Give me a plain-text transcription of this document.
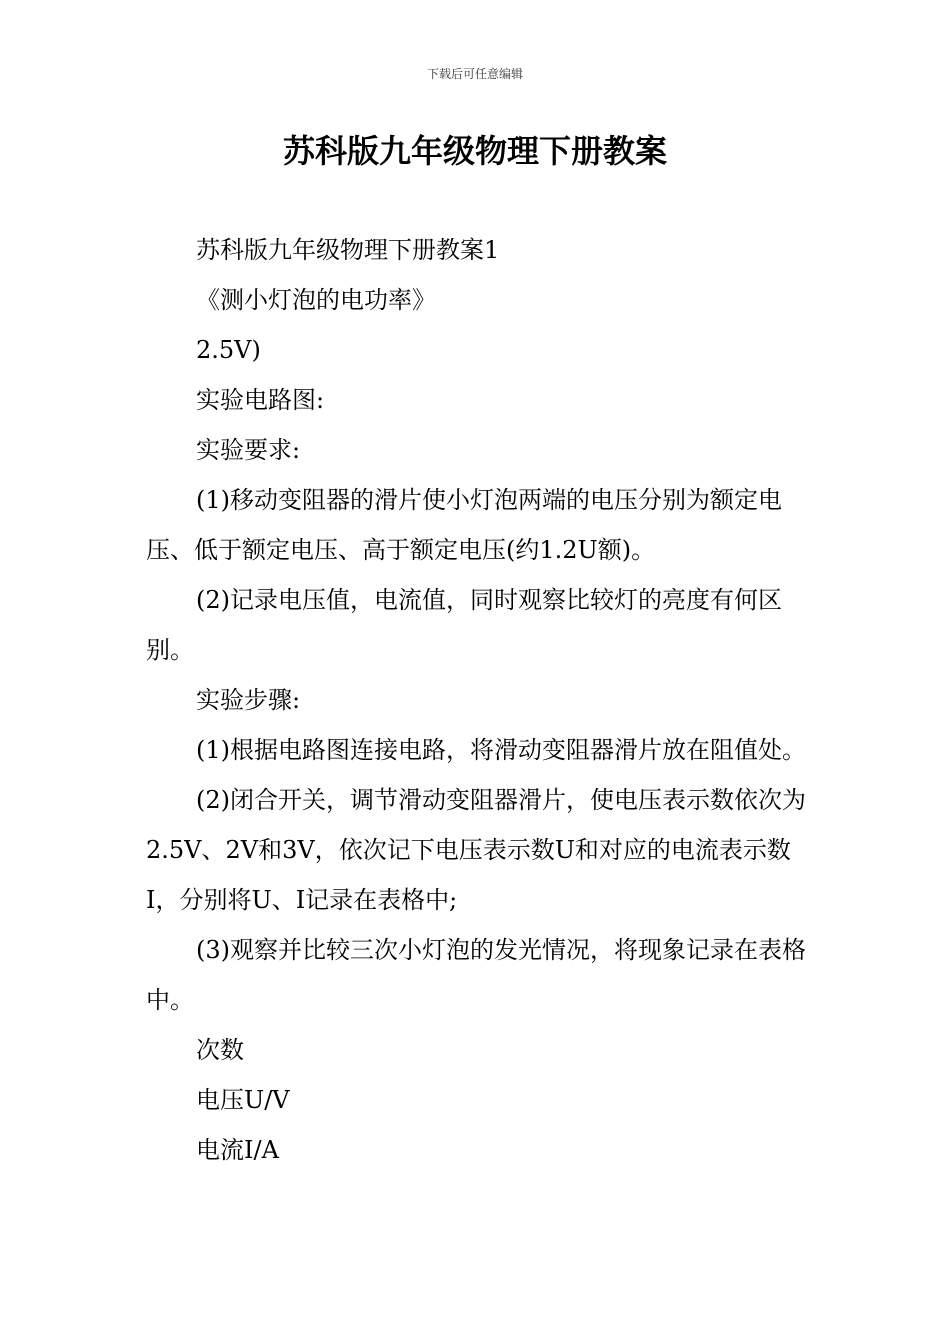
下载后可任意编辑
苏科版九年级物理下册教案

苏科版九年级物理下册教案1

《测小灯泡的电功率》

2.5V)

实验电路图:

实验要求:

(1)移动变阻器的滑片使小灯泡两端的电压分别为额定电压、低于额定电压、高于额定电压(约1.2U额)。

(2)记录电压值，电流值，同时观察比较灯的亮度有何区别。

实验步骤:

(1)根据电路图连接电路，将滑动变阻器滑片放在阻值处。

(2)闭合开关，调节滑动变阻器滑片，使电压表示数依次为2.5V、2V和3V，依次记下电压表示数U和对应的电流表示数I，分别将U、I记录在表格中;

(3)观察并比较三次小灯泡的发光情况，将现象记录在表格中。

次数

电压U/V

电流I/A
